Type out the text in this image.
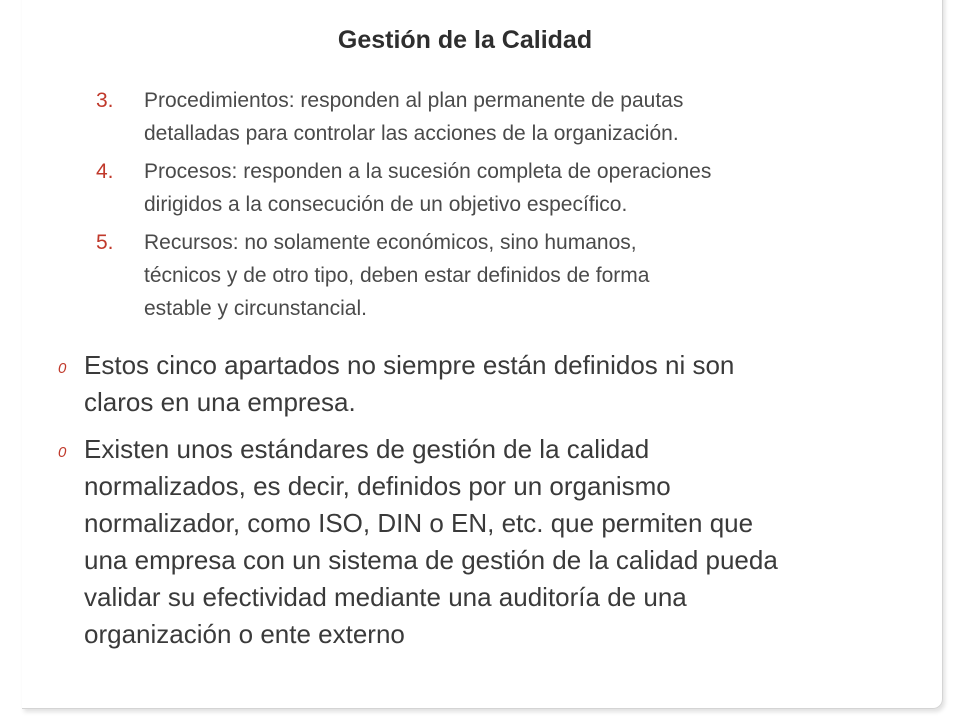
Gestión de la Calidad
3. Procedimientos: responden al plan permanente de pautas
detalladas para controlar las acciones de la organización.
4. Procesos: responden a la sucesión completa de operaciones
dirigidos a la consecución de un objetivo específico.
5. Recursos: no solamente económicos, sino humanos,
técnicos y de otro tipo, deben estar definidos de forma
estable y circunstancial.
0 Estos cinco apartados no siempre están definidos ni son
claros en una empresa.
0 Existen unos estándares de gestión de la calidad
normalizados, es decir, definidos por un organismo
normalizador, como ISO, DIN o EN, etc. que permiten que
una empresa con un sistema de gestión de la calidad pueda
validar su efectividad mediante una auditoría de una
organización o ente externo
